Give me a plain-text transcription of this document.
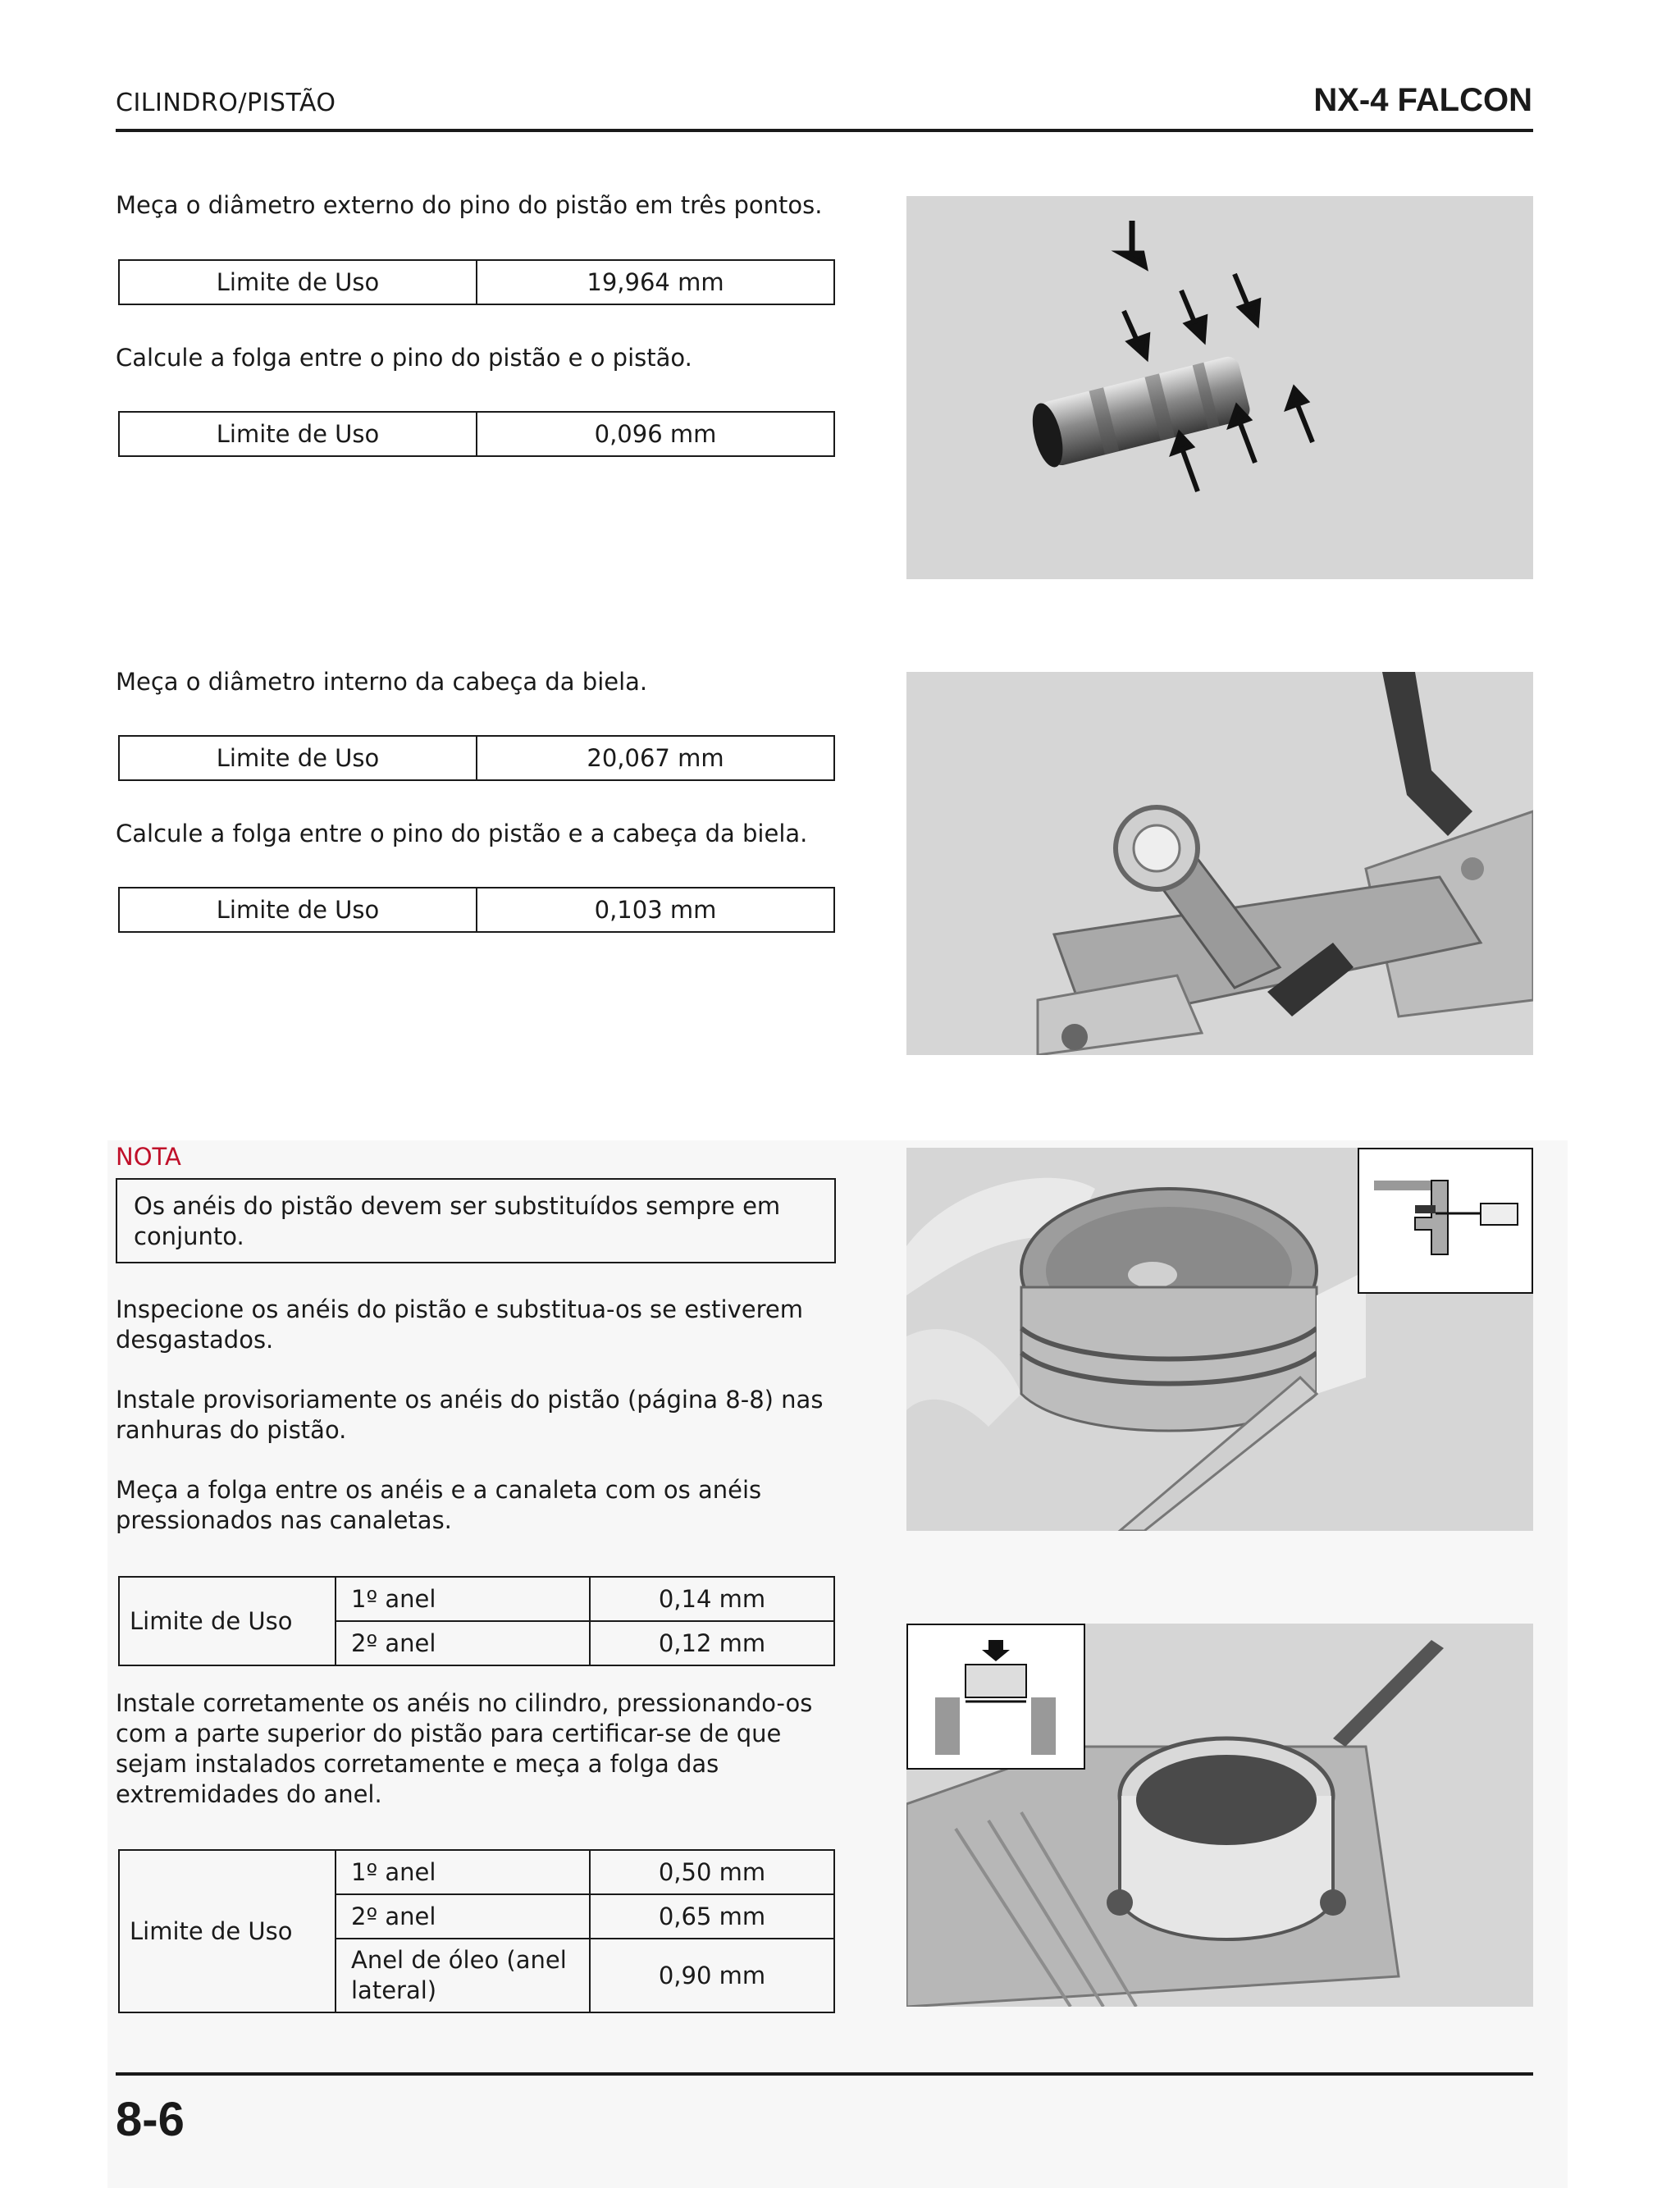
CILINDRO/PISTÃO	NX-4 FALCON
Meça o diâmetro externo do pino do pistão em três pontos.
Limite de Uso	19,964 mm
Calcule a folga entre o pino do pistão e o pistão.
Limite de Uso	0,096 mm
Meça o diâmetro interno da cabeça da biela.
Limite de Uso	20,067 mm
Calcule a folga entre o pino do pistão e a cabeça da biela.
Limite de Uso	0,103 mm
NOTA
Os anéis do pistão devem ser substituídos sempre em conjunto.
Inspecione os anéis do pistão e substitua-os se estiverem desgastados.
Instale provisoriamente os anéis do pistão (página 8-8) nas ranhuras do pistão.
Meça a folga entre os anéis e a canaleta com os anéis pressionados nas canaletas.
Limite de Uso	1º anel	0,14 mm
	2º anel	0,12 mm
Instale corretamente os anéis no cilindro, pressionando-os com a parte superior do pistão para certificar-se de que sejam instalados corretamente e meça a folga das extremidades do anel.
Limite de Uso	1º anel	0,50 mm
	2º anel	0,65 mm
	Anel de óleo (anel lateral)	0,90 mm
8-6
